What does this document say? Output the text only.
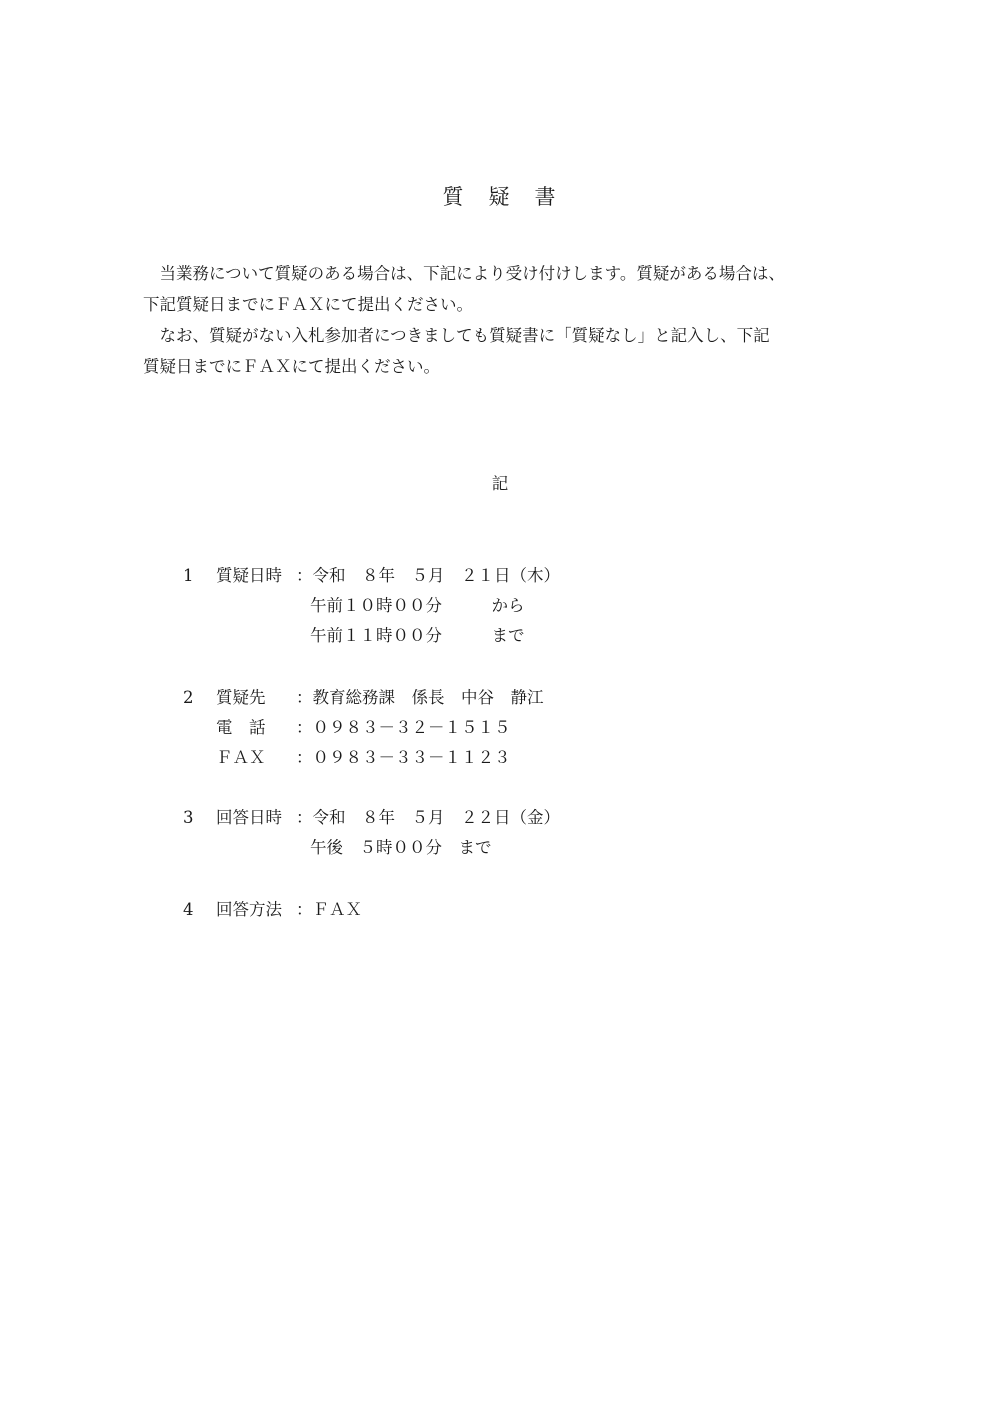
質　疑　書

　当業務について質疑のある場合は、下記により受け付けします。質疑がある場合は、

下記質疑日までにＦＡＸにて提出ください。

　なお、質疑がない入札参加者につきましても質疑書に「質疑なし」と記入し、下記

質疑日までにＦＡＸにて提出ください。

記
1 質疑日時 ：令和　８年　５月　２１日（木）
午前１０時００分　　　から
午前１１時００分　　　まで
2 質疑先 ：教育総務課　係長　中谷　静江
電　話 ：０９８３－３２－１５１５
ＦＡＸ ：０９８３－３３－１１２３
3 回答日時 ：令和　８年　５月　２２日（金）
午後　５時００分　まで
4 回答方法 ：ＦＡＸ
